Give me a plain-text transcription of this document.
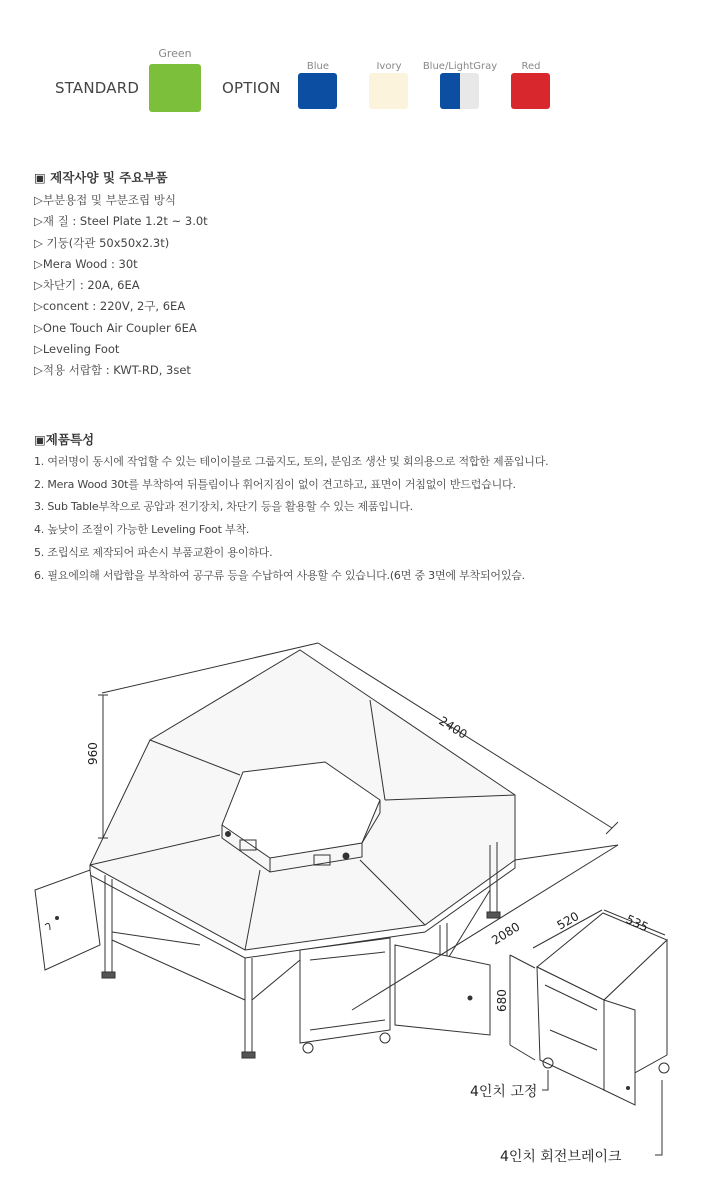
STANDARD
Green
OPTION
Blue	Ivory	Blue/LightGray	Red
▣ 제작사양 및 주요부품
▷부분용접 및 부분조립 방식
▷재 질 : Steel Plate 1.2t ~ 3.0t
▷ 기둥(각관 50x50x2.3t)
▷Mera Wood : 30t
▷차단기 : 20A, 6EA
▷concent : 220V, 2구, 6EA
▷One Touch Air Coupler 6EA
▷Leveling Foot
▷적용 서랍함 : KWT-RD, 3set
▣제품특성
1. 여러명이 동시에 작업할 수 있는 테이이블로 그룹지도, 토의, 분임조 생산 및 회의용으로 적합한 제품입니다.
2. Mera Wood 30t를 부착하여 뒤틀림이나 휘어지짐이 없이 견고하고, 표면이 거침없이 반드럽습니다.
3. Sub Table부착으로 공압과 전기장치, 차단기 등을 활용할 수 있는 제품입니다.
4. 높낮이 조절이 가능한 Leveling Foot 부착.
5. 조립식로 제작되어 파손시 부품교환이 용이하다.
6. 필요에의해 서랍함을 부착하여 공구류 등을 수납하여 사용할 수 있습니다.(6면 중 3면에 부착되어있슴.
960
2400
2080	520	535
680
4인치 고정
4인치 회전브레이크
